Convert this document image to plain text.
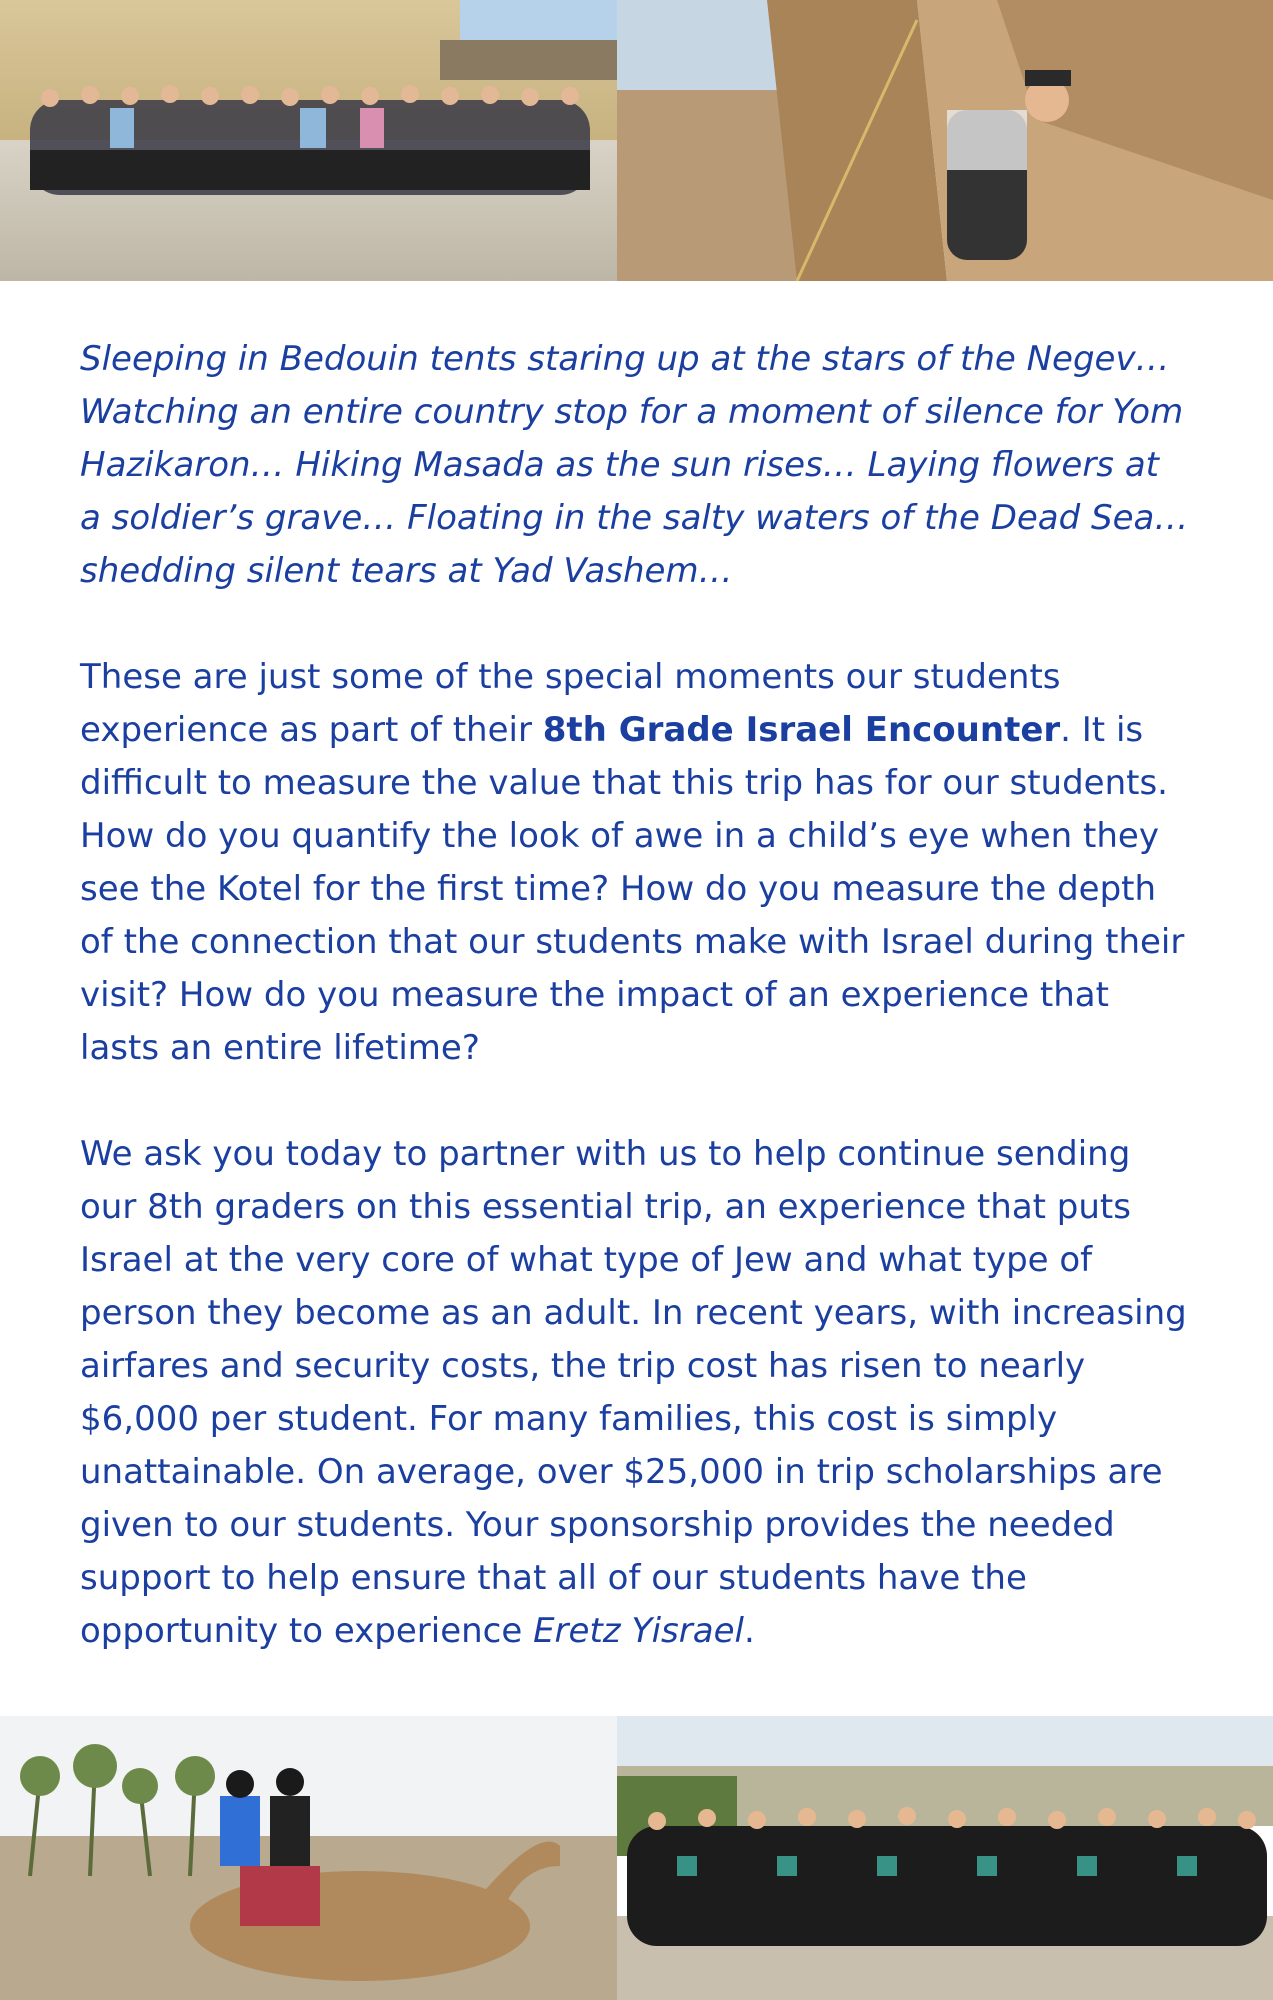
Sleeping in Bedouin tents staring up at the stars of the Negev… Watching an entire country stop for a moment of silence for Yom Hazikaron… Hiking Masada as the sun rises… Laying flowers at a soldier’s grave… Floating in the salty waters of the Dead Sea… shedding silent tears at Yad Vashem…

These are just some of the special moments our students experience as part of their 8th Grade Israel Encounter. It is difficult to measure the value that this trip has for our students. How do you quantify the look of awe in a child’s eye when they see the Kotel for the first time? How do you measure the depth of the connection that our students make with Israel during their visit? How do you measure the impact of an experience that lasts an entire lifetime?

We ask you today to partner with us to help continue sending our 8th graders on this essential trip, an experience that puts Israel at the very core of what type of Jew and what type of person they become as an adult. In recent years, with increasing airfares and security costs, the trip cost has risen to nearly $6,000 per student. For many families, this cost is simply unattainable. On average, over $25,000 in trip scholarships are given to our students. Your sponsorship provides the needed support to help ensure that all of our students have the opportunity to experience Eretz Yisrael.
